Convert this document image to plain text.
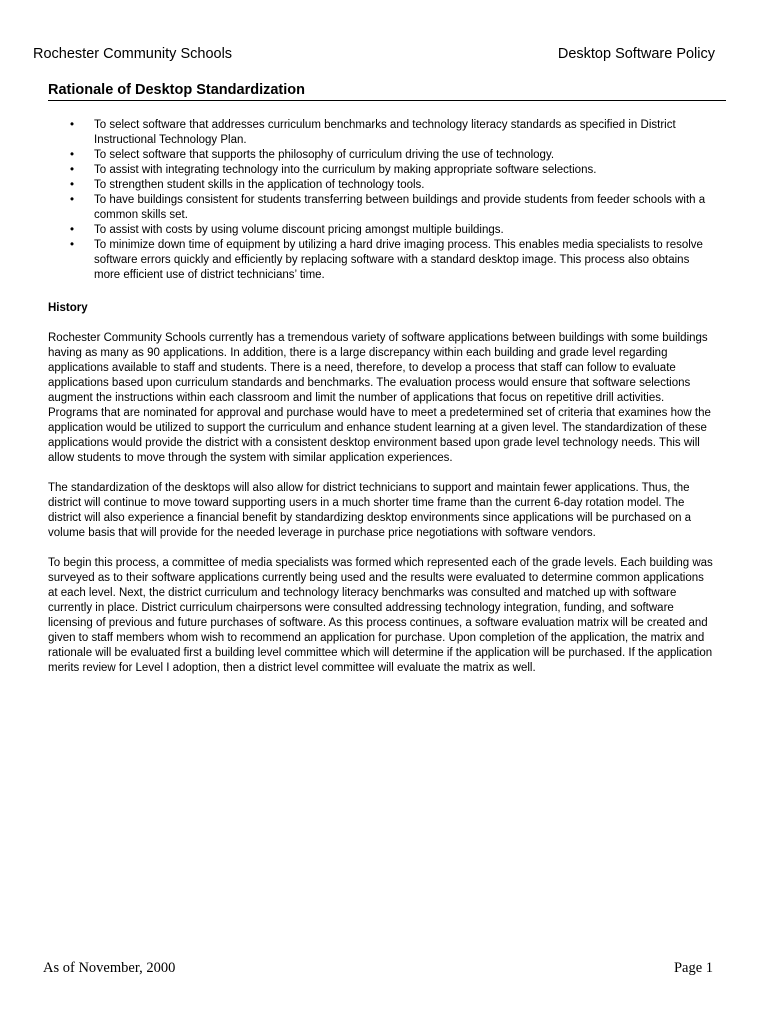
Rochester Community Schools	Desktop Software Policy
Rationale of Desktop Standardization
• To select software that addresses curriculum benchmarks and technology literacy standards as specified in District Instructional Technology Plan.
• To select software that supports the philosophy of curriculum driving the use of technology.
• To assist with integrating technology into the curriculum by making appropriate software selections.
• To strengthen student skills in the application of technology tools.
• To have buildings consistent for students transferring between buildings and provide students from feeder schools with a common skills set.
• To assist with costs by using volume discount pricing amongst multiple buildings.
• To minimize down time of equipment by utilizing a hard drive imaging process. This enables media specialists to resolve software errors quickly and efficiently by replacing software with a standard desktop image. This process also obtains more efficient use of district technicians’ time.
History

Rochester Community Schools currently has a tremendous variety of software applications between buildings with some buildings having as many as 90 applications. In addition, there is a large discrepancy within each building and grade level regarding applications available to staff and students. There is a need, therefore, to develop a process that staff can follow to evaluate applications based upon curriculum standards and benchmarks. The evaluation process would ensure that software selections augment the instructions within each classroom and limit the number of applications that focus on repetitive drill activities. Programs that are nominated for approval and purchase would have to meet a predetermined set of criteria that examines how the application would be utilized to support the curriculum and enhance student learning at a given level. The standardization of these applications would provide the district with a consistent desktop environment based upon grade level technology needs. This will allow students to move through the system with similar application experiences.

The standardization of the desktops will also allow for district technicians to support and maintain fewer applications. Thus, the district will continue to move toward supporting users in a much shorter time frame than the current 6-day rotation model. The district will also experience a financial benefit by standardizing desktop environments since applications will be purchased on a volume basis that will provide for the needed leverage in purchase price negotiations with software vendors.

To begin this process, a committee of media specialists was formed which represented each of the grade levels. Each building was surveyed as to their software applications currently being used and the results were evaluated to determine common applications at each level. Next, the district curriculum and technology literacy benchmarks was consulted and matched up with software currently in place. District curriculum chairpersons were consulted addressing technology integration, funding, and software licensing of previous and future purchases of software. As this process continues, a software evaluation matrix will be created and given to staff members whom wish to recommend an application for purchase. Upon completion of the application, the matrix and rationale will be evaluated first a building level committee which will determine if the application will be purchased. If the application merits review for Level I adoption, then a district level committee will evaluate the matrix as well.

As of November, 2000	Page 1
